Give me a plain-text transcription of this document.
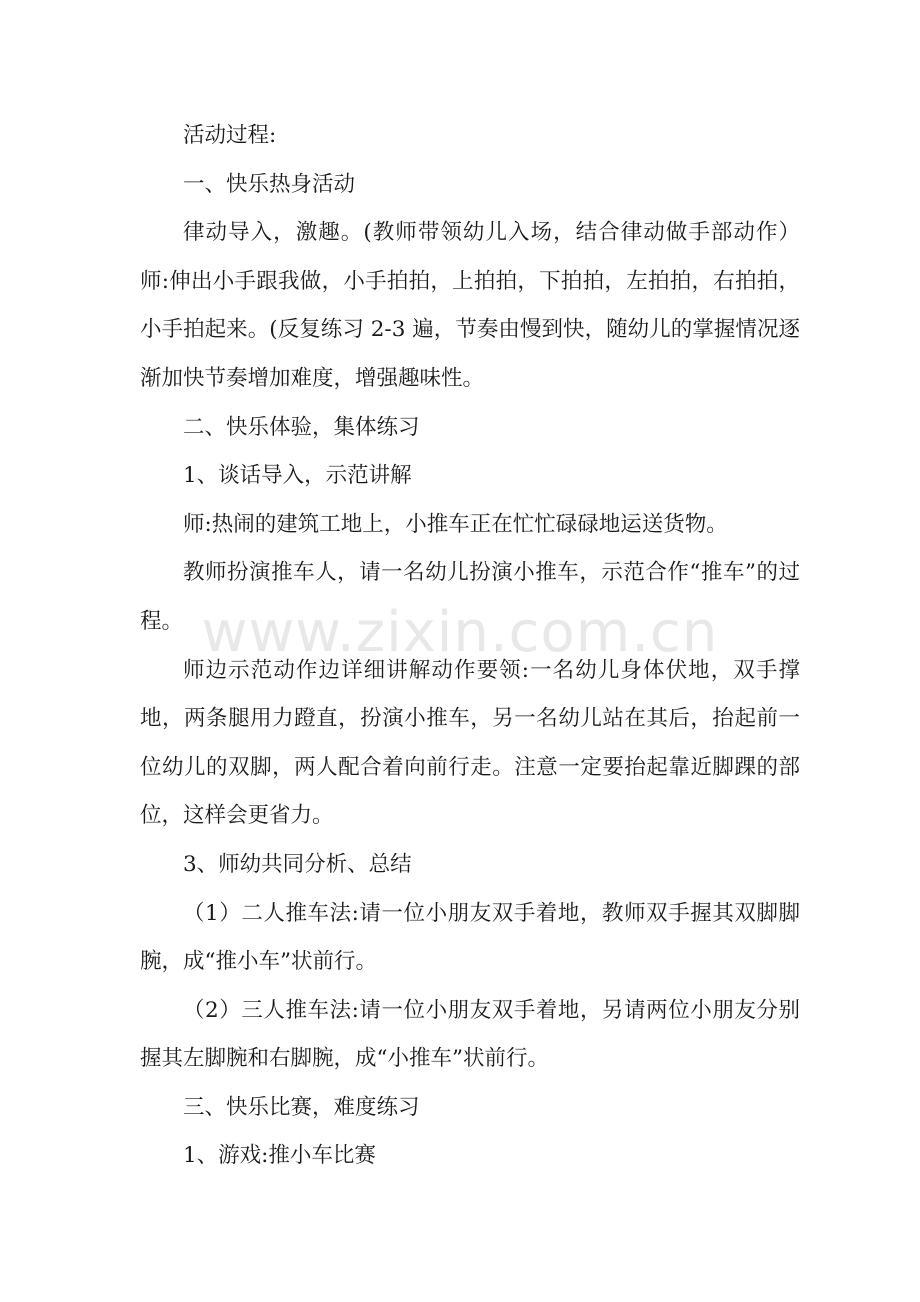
活动过程:

一、快乐热身活动

律动导入，激趣。(教师带领幼儿入场，结合律动做手部动作）师:伸出小手跟我做，小手拍拍，上拍拍，下拍拍，左拍拍，右拍拍，小手拍起来。(反复练习 2-3 遍，节奏由慢到快，随幼儿的掌握情况逐渐加快节奏增加难度，增强趣味性。

二、快乐体验，集体练习

1、谈话导入，示范讲解

师:热闹的建筑工地上，小推车正在忙忙碌碌地运送货物。

教师扮演推车人，请一名幼儿扮演小推车，示范合作“推车”的过程。

师边示范动作边详细讲解动作要领:一名幼儿身体伏地，双手撑地，两条腿用力蹬直，扮演小推车，另一名幼儿站在其后，抬起前一位幼儿的双脚，两人配合着向前行走。注意一定要抬起靠近脚踝的部位，这样会更省力。

3、师幼共同分析、总结

（1）二人推车法:请一位小朋友双手着地，教师双手握其双脚脚腕，成“推小车”状前行。

（2）三人推车法:请一位小朋友双手着地，另请两位小朋友分别握其左脚腕和右脚腕，成“小推车”状前行。

三、快乐比赛，难度练习

1、游戏:推小车比赛

www.zixin.com.cn
